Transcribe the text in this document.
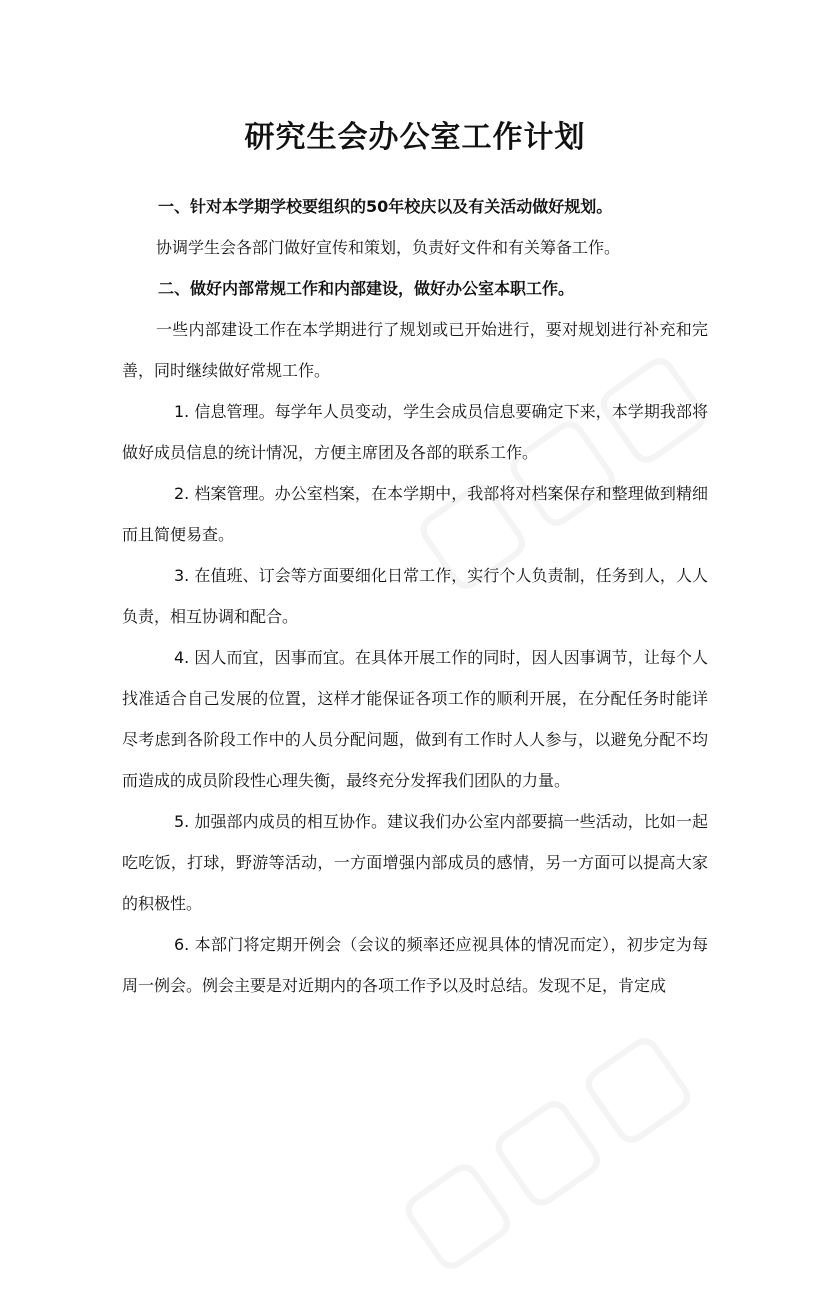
研究生会办公室工作计划

一、针对本学期学校要组织的50年校庆以及有关活动做好规划。

协调学生会各部门做好宣传和策划，负责好文件和有关筹备工作。

二、做好内部常规工作和内部建设，做好办公室本职工作。

一些内部建设工作在本学期进行了规划或已开始进行，要对规划进行补充和完善，同时继续做好常规工作。

1. 信息管理。每学年人员变动，学生会成员信息要确定下来，本学期我部将做好成员信息的统计情况，方便主席团及各部的联系工作。

2. 档案管理。办公室档案，在本学期中，我部将对档案保存和整理做到精细而且简便易查。

3. 在值班、订会等方面要细化日常工作，实行个人负责制，任务到人，人人负责，相互协调和配合。

4. 因人而宜，因事而宜。在具体开展工作的同时，因人因事调节，让每个人找准适合自己发展的位置，这样才能保证各项工作的顺利开展，在分配任务时能详尽考虑到各阶段工作中的人员分配问题，做到有工作时人人参与，以避免分配不均而造成的成员阶段性心理失衡，最终充分发挥我们团队的力量。

5. 加强部内成员的相互协作。建议我们办公室内部要搞一些活动，比如一起吃吃饭，打球，野游等活动，一方面增强内部成员的感情，另一方面可以提高大家的积极性。

6. 本部门将定期开例会（会议的频率还应视具体的情况而定），初步定为每周一例会。例会主要是对近期内的各项工作予以及时总结。发现不足，肯定成
